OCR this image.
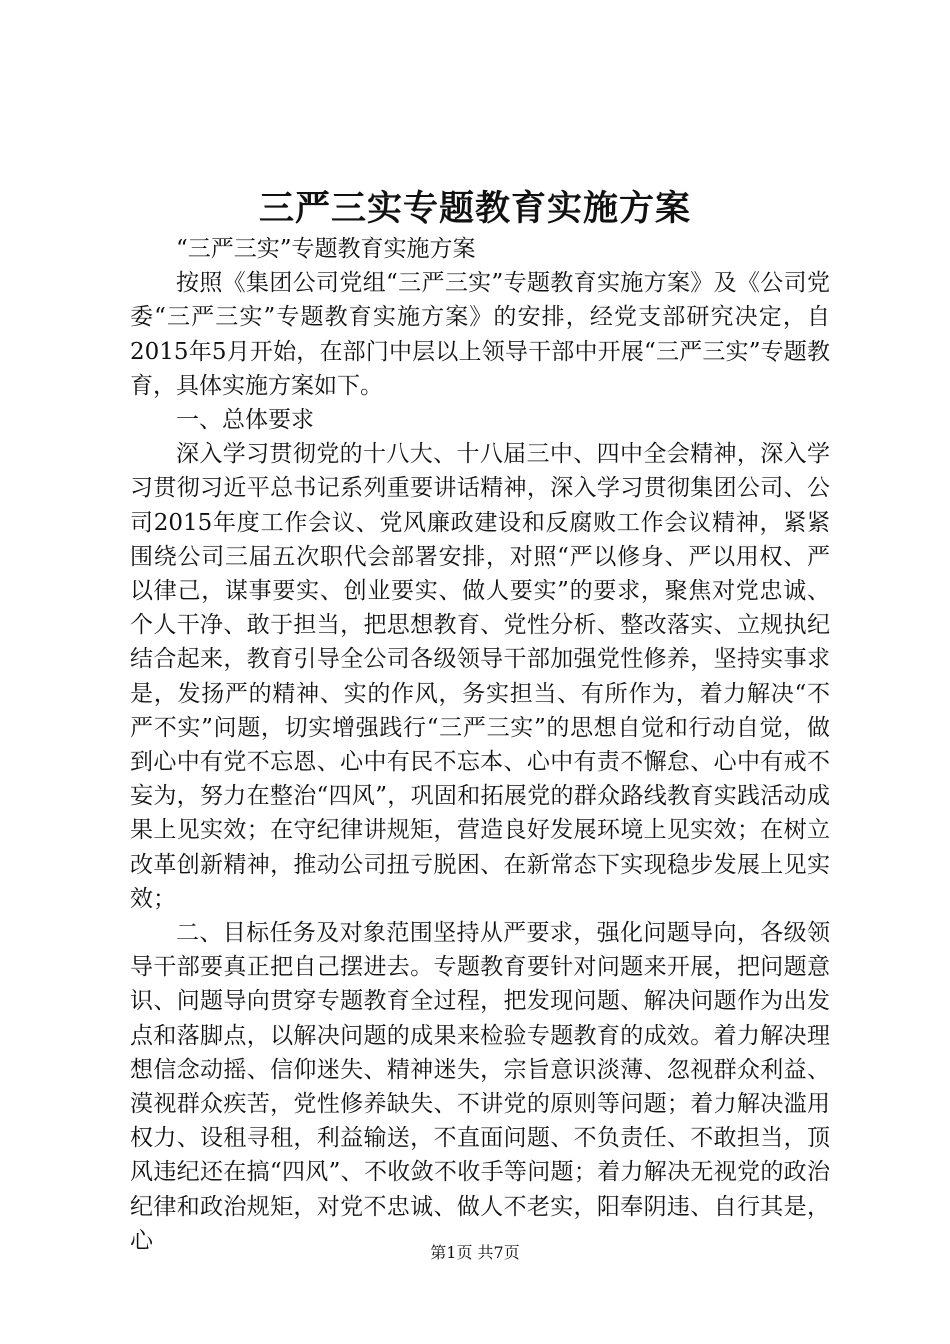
三严三实专题教育实施方案

“三严三实”专题教育实施方案

按照《集团公司党组“三严三实”专题教育实施方案》及《公司党委“三严三实”专题教育实施方案》的安排，经党支部研究决定，自2015年5月开始，在部门中层以上领导干部中开展“三严三实”专题教育，具体实施方案如下。

一、总体要求

深入学习贯彻党的十八大、十八届三中、四中全会精神，深入学习贯彻习近平总书记系列重要讲话精神，深入学习贯彻集团公司、公司2015年度工作会议、党风廉政建设和反腐败工作会议精神，紧紧围绕公司三届五次职代会部署安排，对照“严以修身、严以用权、严以律己，谋事要实、创业要实、做人要实”的要求，聚焦对党忠诚、个人干净、敢于担当，把思想教育、党性分析、整改落实、立规执纪结合起来，教育引导全公司各级领导干部加强党性修养，坚持实事求是，发扬严的精神、实的作风，务实担当、有所作为，着力解决“不严不实”问题，切实增强践行“三严三实”的思想自觉和行动自觉，做到心中有党不忘恩、心中有民不忘本、心中有责不懈怠、心中有戒不妄为，努力在整治“四风”，巩固和拓展党的群众路线教育实践活动成果上见实效；在守纪律讲规矩，营造良好发展环境上见实效；在树立改革创新精神，推动公司扭亏脱困、在新常态下实现稳步发展上见实效；

二、目标任务及对象范围坚持从严要求，强化问题导向，各级领导干部要真正把自己摆进去。专题教育要针对问题来开展，把问题意识、问题导向贯穿专题教育全过程，把发现问题、解决问题作为出发点和落脚点，以解决问题的成果来检验专题教育的成效。着力解决理想信念动摇、信仰迷失、精神迷失，宗旨意识淡薄、忽视群众利益、漠视群众疾苦，党性修养缺失、不讲党的原则等问题；着力解决滥用权力、设租寻租，利益输送，不直面问题、不负责任、不敢担当，顶风违纪还在搞“四风”、不收敛不收手等问题；着力解决无视党的政治纪律和政治规矩，对党不忠诚、做人不老实，阳奉阴违、自行其是，心	第1页 共7页
